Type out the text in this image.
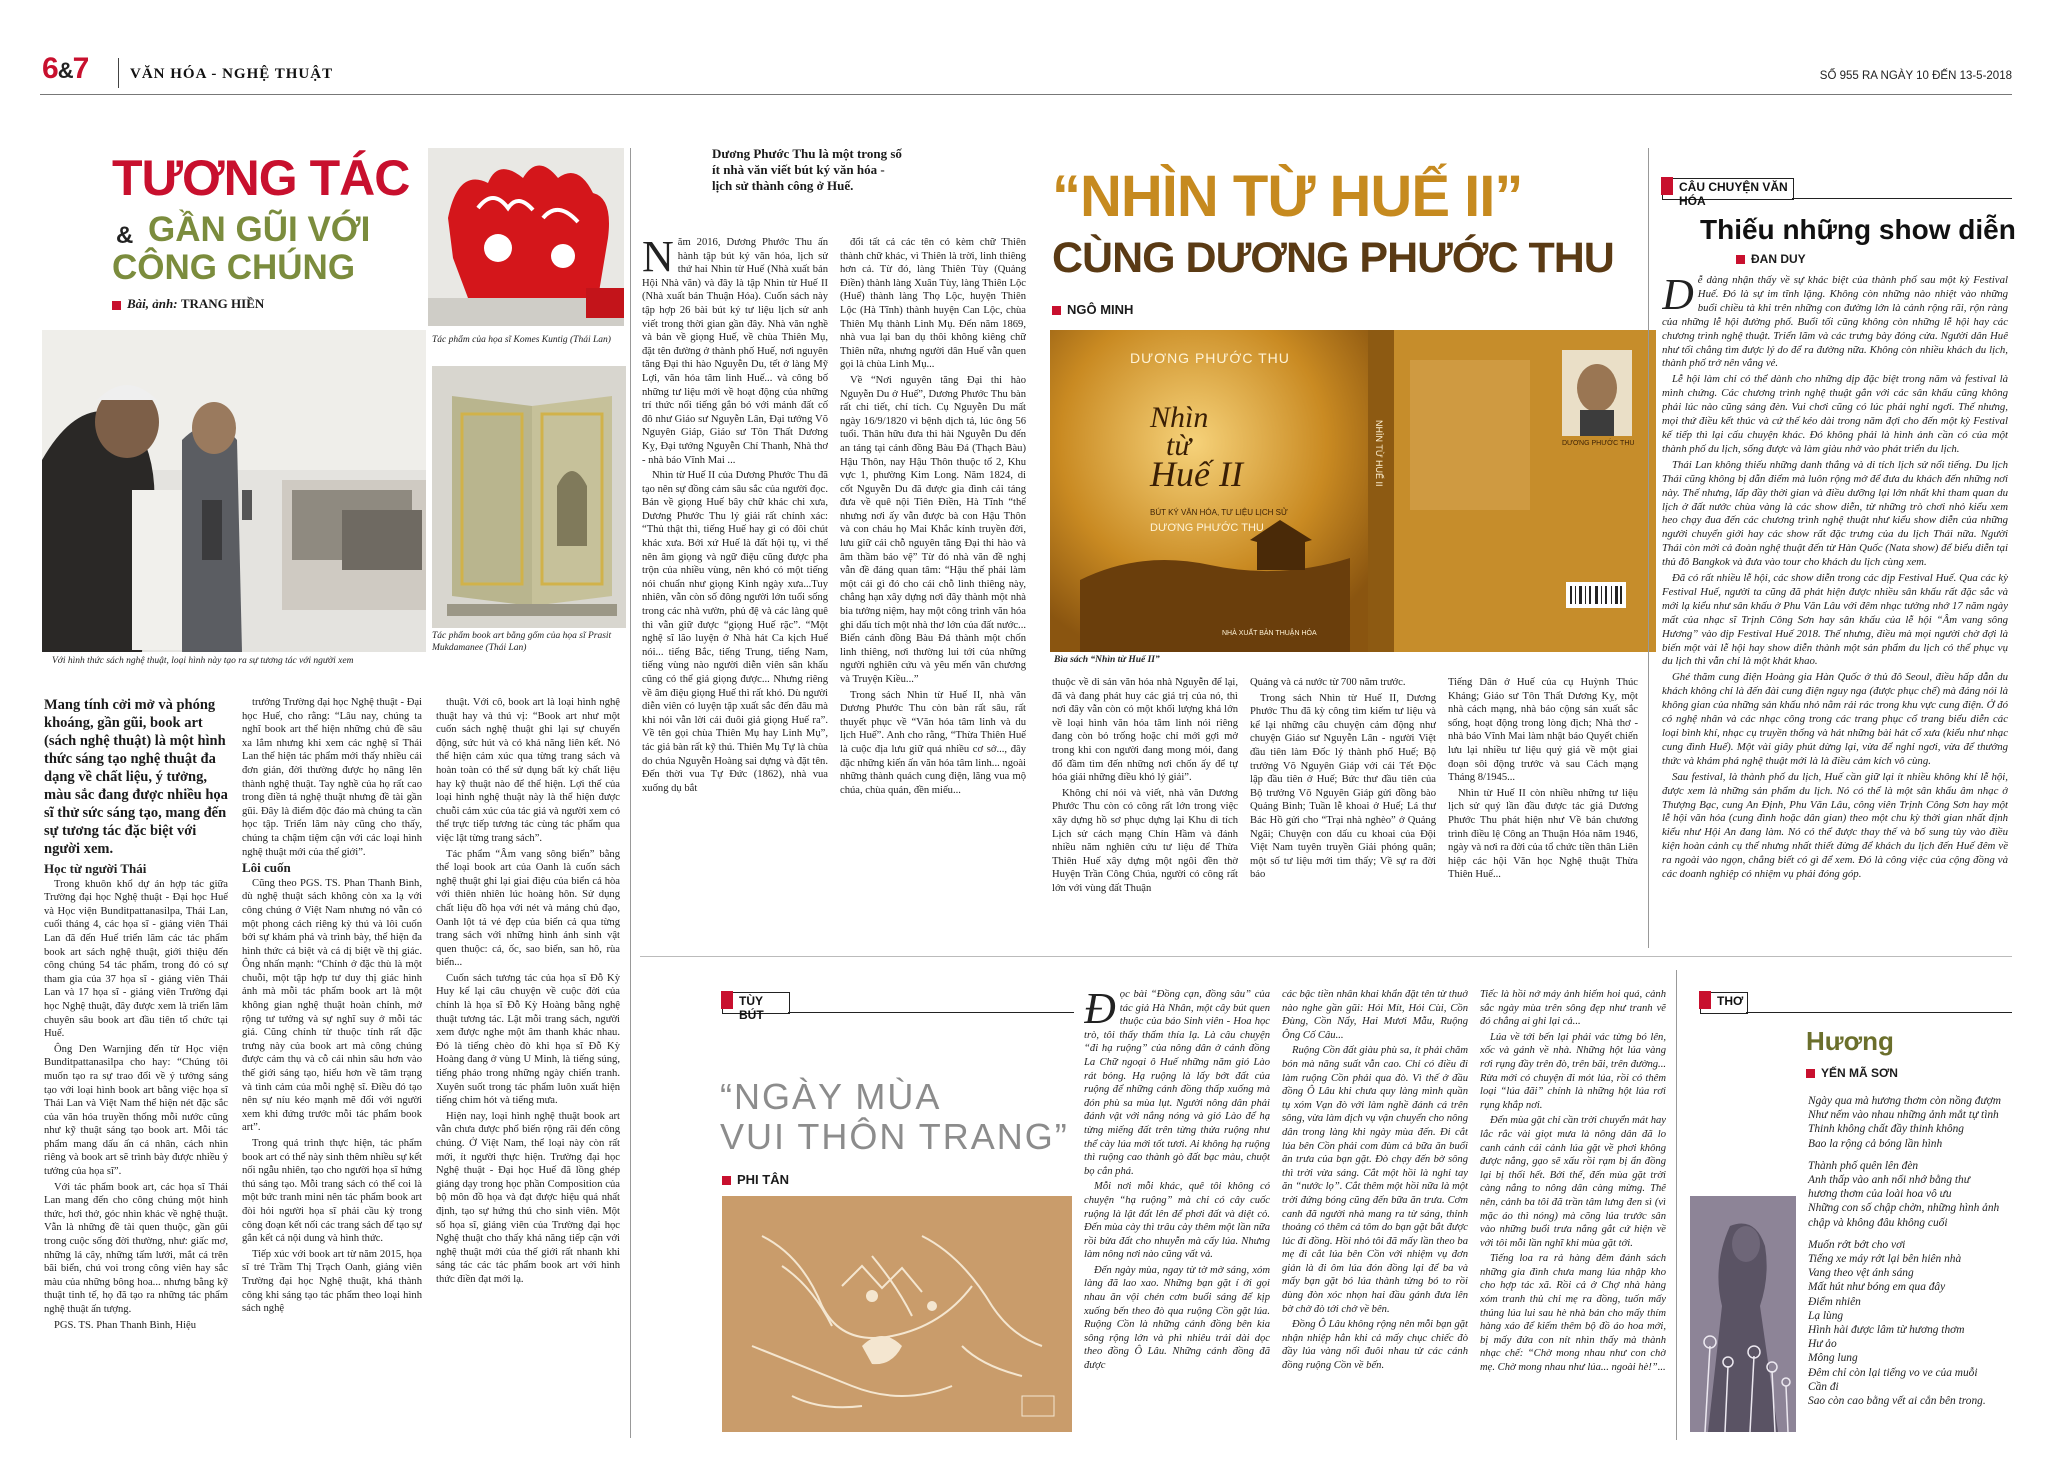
6&7	VĂN HÓA - NGHỆ THUẬT	SỐ 955 RA NGÀY 10 ĐẾN 13-5-2018
TƯƠNG TÁC
& GẦN GŨI VỚI
CÔNG CHÚNG
Bài, ảnh: TRANG HIỀN
Với hình thức sách nghệ thuật, loại hình này tạo ra sự tương tác với người xem
Tác phẩm của họa sĩ Komes Kuntig (Thái Lan)
Tác phẩm book art bằng gốm của họa sĩ Prasit Mukdamanee (Thái Lan)
Mang tính cởi mở và phóng khoáng, gần gũi, book art (sách nghệ thuật) là một hình thức sáng tạo nghệ thuật đa dạng về chất liệu, ý tưởng, màu sắc đang được nhiều họa sĩ thử sức sáng tạo, mang đến sự tương tác đặc biệt với người xem.

Học từ người Thái

Trong khuôn khổ dự án hợp tác giữa Trường đại học Nghệ thuật - Đại học Huế và Học viện Bunditpattanasilpa, Thái Lan, cuối tháng 4, các họa sĩ - giảng viên Thái Lan đã đến Huế triển lãm các tác phẩm book art sách nghệ thuật, giới thiệu đến công chúng 54 tác phẩm, trong đó có sự tham gia của 37 họa sĩ - giảng viên Thái Lan và 17 họa sĩ - giảng viên Trường đại học Nghệ thuật, đây được xem là triển lãm chuyên sâu book art đầu tiên tổ chức tại Huế.

Ông Den Warnjing đến từ Học viện Bunditpattanasilpa cho hay: “Chúng tôi muốn tạo ra sự trao đổi về ý tưởng sáng tạo với loại hình book art bằng việc họa sĩ Thái Lan và Việt Nam thể hiện nét đặc sắc của văn hóa truyền thống mỗi nước cũng như kỹ thuật sáng tạo book art. Mỗi tác phẩm mang dấu ấn cá nhân, cách nhìn riêng và book art sẽ trình bày được nhiều ý tưởng của họa sĩ”.

Với tác phẩm book art, các họa sĩ Thái Lan mang đến cho công chúng một hình thức, hơi thở, góc nhìn khác về nghệ thuật. Vẫn là những đề tài quen thuộc, gần gũi trong cuộc sống đời thường, như: giấc mơ, những lá cây, những tấm lưới, mắt cá trên bãi biển, chú voi trong công viên hay sắc màu của những bông hoa... nhưng bằng kỹ thuật tinh tế, họ đã tạo ra những tác phẩm nghệ thuật ấn tượng.

PGS. TS. Phan Thanh Bình, Hiệu

trưởng Trường đại học Nghệ thuật - Đại học Huế, cho rằng: “Lâu nay, chúng ta nghĩ book art thể hiện những chủ đề sâu xa lắm nhưng khi xem các nghệ sĩ Thái Lan thể hiện tác phẩm mới thấy nhiều cái đơn giản, đời thường được họ nâng lên thành nghệ thuật. Tay nghề của họ rất cao trong điền tả nghệ thuật nhưng đề tài gần gũi. Đây là điểm độc đáo mà chúng ta cần học tập. Triển lãm này cũng cho thấy, chúng ta chậm tiệm cận với các loại hình nghệ thuật mới của thế giới”.

Lôi cuốn

Cũng theo PGS. TS. Phan Thanh Bình, dù nghệ thuật sách không còn xa lạ với công chúng ở Việt Nam nhưng nó vẫn có một phong cách riêng kỳ thú và lôi cuốn bởi sự khám phá và trình bày, thể hiện đa hình thức cả biệt và cá dị biệt về thị giác. Ông nhấn mạnh: “Chính ở đặc thù là một chuỗi, một tập hợp tư duy thị giác hình ảnh mà mỗi tác phẩm book art là một không gian nghệ thuật hoàn chỉnh, mở rộng tư tưởng và sự nghĩ suy ở mỗi tác giả. Cũng chính từ thuộc tính rất đặc trưng này của book art mà công chúng được cảm thụ và cỗ cái nhìn sâu hơn vào thế giới sáng tạo, hiểu hơn về tâm trạng và tình cảm của mỗi nghệ sĩ. Điều đó tạo nên sự níu kéo mạnh mẽ đối với người xem khi đứng trước mỗi tác phẩm book art”.

Trong quá trình thực hiện, tác phẩm book art có thể này sinh thêm nhiều sự kết nối ngẫu nhiên, tạo cho người họa sĩ hứng thú sáng tạo. Mỗi trang sách có thể coi là một bức tranh mini nên tác phẩm book art đòi hỏi người họa sĩ phải cầu kỳ trong công đoạn kết nối các trang sách để tạo sự gắn kết cả nội dung và hình thức.

Tiếp xúc với book art từ năm 2015, họa sĩ trẻ Trầm Thị Trạch Oanh, giảng viên Trường đại học Nghệ thuật, khá thành công khi sáng tạo tác phẩm theo loại hình sách nghệ

thuật. Với cô, book art là loại hình nghệ thuật hay và thú vị: “Book art như một cuốn sách nghệ thuật ghi lại sự chuyển động, sức hút và có khả năng liên kết. Nó thể hiện cảm xúc qua từng trang sách và hoàn toàn có thể sử dụng bất kỳ chất liệu hay kỹ thuật nào để thể hiện. Lợi thế của loại hình nghệ thuật này là thể hiện được chuỗi cảm xúc của tác giả và người xem có thể trực tiếp tương tác cùng tác phẩm qua việc lật từng trang sách”.

Tác phẩm “Âm vang sông biển” bằng thể loại book art của Oanh là cuốn sách nghệ thuật ghi lại giai điệu của biển cả hòa với thiên nhiên lúc hoàng hôn. Sử dụng chất liệu đồ họa với nét và mảng chủ đạo, Oanh lột tả vẻ đẹp của biển cả qua từng trang sách với những hình ảnh sinh vật quen thuộc: cá, ốc, sao biển, san hô, rùa biển...

Cuốn sách tương tác của họa sĩ Đỗ Kỳ Huy kể lại câu chuyện về cuộc đời của chính là họa sĩ Đỗ Kỳ Hoàng bằng nghệ thuật tương tác. Lật mỗi trang sách, người xem được nghe một âm thanh khác nhau. Đó là tiếng chèo đò khi họa sĩ Đỗ Kỳ Hoàng đang ở vùng U Minh, là tiếng súng, tiếng pháo trong những ngày chiến tranh. Xuyên suốt trong tác phẩm luôn xuất hiện tiếng chim hót và tiếng mưa.

Hiện nay, loại hình nghệ thuật book art vẫn chưa được phổ biến rộng rãi đến công chúng. Ở Việt Nam, thể loại này còn rất mới, ít người thực hiện. Trường đại học Nghệ thuật - Đại học Huế đã lồng ghép giảng dạy trong học phần Composition của bộ môn đồ họa và đạt được hiệu quả nhất định, tạo sự hứng thú cho sinh viên. Một số họa sĩ, giảng viên của Trường đại học Nghệ thuật cho thấy khả năng tiếp cận với nghệ thuật mới của thế giới rất nhanh khi sáng tác các tác phẩm book art với hình thức điền đạt mới lạ.

Dương Phước Thu là một trong số ít nhà văn viết bút ký văn hóa - lịch sử thành công ở Huế.

Năm 2016, Dương Phước Thu ấn hành tập bút ký văn hóa, lịch sử thứ hai Nhìn từ Huế (Nhà xuất bản Hội Nhà văn) và đây là tập Nhìn từ Huế II (Nhà xuất bản Thuận Hóa). Cuốn sách này tập hợp 26 bài bút ký tư liệu lịch sử anh viết trong thời gian gần đây. Nhà văn nghề và bản về giọng Huế, về chùa Thiên Mụ, đặt tên đường ở thành phố Huế, nơi nguyên tăng Đại thi hào Nguyễn Du, tết ở làng Mỹ Lợi, văn hóa tâm linh Huế... và công bố những tư liệu mới về hoạt động của những trí thức nổi tiếng gắn bó với mảnh đất cố đô như Giáo sư Nguyễn Lân, Đại tướng Võ Nguyên Giáp, Giáo sư Tôn Thất Dương Kỵ, Đại tướng Nguyễn Chí Thanh, Nhà thơ - nhà báo Vĩnh Mai ...

Nhìn từ Huế II của Dương Phước Thu đã tạo nên sự đồng cảm sâu sắc của người đọc. Bản về giọng Huế bây chữ khác chi xưa, Dương Phước Thu lý giải rất chính xác: “Thủ thật thì, tiếng Huế hay gì có đôi chút khác xưa. Bởi xứ Huế là đất hội tụ, vì thế nên âm giọng và ngữ điệu cũng được pha trộn của nhiều vùng, nên khó có một tiếng nói chuẩn như giọng Kinh ngày xưa...Tuy nhiên, vẫn còn số đông người lớn tuổi sống trong các nhà vườn, phủ đệ và các làng quê thì vẫn giữ được “giọng Huế rặc”. “Một nghệ sĩ lão luyện ở Nhà hát Ca kịch Huế nói... tiếng Bắc, tiếng Trung, tiếng Nam, tiếng vùng nào người diễn viên sân khấu cũng có thể giả giọng được... Nhưng riêng về âm điệu giọng Huế thì rất khó. Dù người diễn viên có luyện tập xuất sắc đến đâu mà khi nói vẫn lời cái đuôi giả giọng Huế ra”. Về tên gọi chùa Thiên Mụ hay Linh Mụ”, tác giả bàn rất kỹ thú. Thiên Mụ Tự là chùa do chúa Nguyễn Hoàng sai dựng và đặt tên. Đến thời vua Tự Đức (1862), nhà vua xuống dụ bắt

đổi tất cả các tên có kèm chữ Thiên thành chữ khác, vì Thiên là trời, linh thiêng hơn cả. Từ đó, làng Thiên Tùy (Quảng Điền) thành làng Xuân Tùy, làng Thiên Lộc (Huế) thành làng Thọ Lộc, huyện Thiên Lộc (Hà Tĩnh) thành huyện Can Lộc, chùa Thiên Mụ thành Linh Mụ. Đến năm 1869, nhà vua lại ban dụ thôi không kiêng chữ Thiên nữa, nhưng người dân Huế vẫn quen gọi là chùa Linh Mụ...

Về “Nơi nguyên tăng Đại thi hào Nguyễn Du ở Huế”, Dương Phước Thu bàn rất chi tiết, chỉ tích. Cụ Nguyễn Du mất ngày 16/9/1820 vì bệnh dịch tả, lúc ông 56 tuổi. Thân hữu đưa thi hài Nguyễn Du đến an táng tại cánh đồng Bàu Đá (Thạch Bàu) Hậu Thôn, nay Hậu Thôn thuộc tổ 2, Khu vực 1, phường Kim Long. Năm 1824, di cốt Nguyễn Du đã được gia đình cải táng đưa về quê nội Tiên Điền, Hà Tĩnh “thế nhưng nơi ấy vẫn được bà con Hậu Thôn và con cháu họ Mai Khắc kính truyền đời, lưu giữ cái chỗ nguyên tăng Đại thi hào và âm thầm bảo vệ” Từ đó nhà văn đề nghị vẫn đề đáng quan tâm: “Hậu thế phải làm một cái gì đó cho cái chỗ linh thiêng này, chẳng hạn xây dựng nơi đây thành một nhà bia tưởng niệm, hay một công trình văn hóa ghi dấu tích một nhà thơ lớn của đất nước... Biển cánh đồng Bàu Đá thành một chốn linh thiêng, nơi thường lui tới của những người nghiên cứu và yêu mến văn chương và Truyện Kiều...”

Trong sách Nhìn từ Huế II, nhà văn Dương Phước Thu còn bàn rất sâu, rất thuyết phục về “Văn hóa tâm linh và du lịch Huế”. Anh cho rằng, “Thừa Thiên Huế là cuộc địa lưu giữ quá nhiều cơ sở..., đây đặc những kiến ấn văn hóa tâm linh... ngoài những thành quách cung điện, lăng vua mộ chúa, chùa quán, đền miếu...

“NHÌN TỪ HUẾ II”
CÙNG DƯƠNG PHƯỚC THU
NGÔ MINH
DƯƠNG PHƯỚC THU
Nhìn
từ
Huế II
BÚT KÝ VĂN HÓA, TƯ LIỆU LỊCH SỬ
DƯƠNG PHƯỚC THU
NHÌN TỪ HUẾ II
NHÀ XUẤT BẢN THUẬN HÓA
DƯƠNG PHƯỚC THU
Bìa sách “Nhìn từ Huế II”

thuộc về di sản văn hóa nhà Nguyễn để lại, đã và đang phát huy các giá trị của nó, thì nơi đây vẫn còn có một khối lượng khá lớn về loại hình văn hóa tâm linh nói riêng đang còn bỏ trống hoặc chỉ mới gợi mở trong khi con người đang mong mỏi, đang đổ đầm tìm đến những nơi chốn ấy để tự hóa giải những điều khó lý giải”.

Không chỉ nói và viết, nhà văn Dương Phước Thu còn có công rất lớn trong việc xây dựng hồ sơ phục dựng lại Khu di tích Lịch sử cách mạng Chín Hầm và đánh nhiều năm nghiên cứu tư liệu để Thừa Thiên Huế xây dựng một ngôi đền thờ Huyện Trần Công Chúa, người có công rất lớn với vùng đất Thuận

Quảng và cả nước từ 700 năm trước.

Trong sách Nhìn từ Huế II, Dương Phước Thu đã kỳ công tìm kiếm tư liệu và kể lại những câu chuyện cảm động như chuyện Giáo sư Nguyễn Lân - người Việt đầu tiên làm Đốc lý thành phố Huế; Bộ trưởng Võ Nguyên Giáp với cái Tết Độc lập đầu tiên ở Huế; Bức thư đầu tiên của Bộ trưởng Võ Nguyên Giáp gửi đồng bào Quảng Bình; Tuần lễ khoai ở Huế; Lá thư Bác Hồ gửi cho “Trại nhà nghèo” ở Quảng Ngãi; Chuyện con dấu cu khoai của Đội Việt Nam tuyên truyền Giải phóng quân; một số tư liệu mới tìm thấy; Về sự ra đời báo

Tiếng Dân ở Huế của cụ Huỳnh Thúc Kháng; Giáo sư Tôn Thất Dương Kỵ, một nhà cách mạng, nhà báo cộng sản xuất sắc sống, hoạt động trong lòng địch; Nhà thơ - nhà báo Vĩnh Mai làm nhật báo Quyết chiến lưu lại nhiều tư liệu quý giá về một giai đoạn sôi động trước và sau Cách mạng Tháng 8/1945...

Nhìn từ Huế II còn nhiều những tư liệu lịch sử quý lần đầu được tác giả Dương Phước Thu phát hiện như Về bản chương trình điều lệ Công an Thuận Hóa năm 1946, ngày và nơi ra đời của tổ chức tiền thân Liên hiệp các hội Văn học Nghệ thuật Thừa Thiên Huế...

CÂU CHUYỆN VĂN HÓA
Thiếu những show diễn
ĐAN DUY

Dễ dàng nhận thấy về sự khác biệt của thành phố sau một kỳ Festival Huế. Đó là sự im tĩnh lặng. Không còn những nào nhiệt vào những buổi chiều tà khi trên những con đường lớn là cảnh rộng rãi, rộn ràng của những lễ hội đường phố. Buổi tối cũng không còn những lễ hội hay các chương trình nghệ thuật. Triển lãm và các trưng bày đóng cửa. Người dân Huế như tối chẳng tìm được lý do để ra đường nữa. Không còn nhiều khách du lịch, thành phố trở nên vắng vẻ.

Lễ hội làm chỉ có thể dành cho những dịp đặc biệt trong năm và festival là mình chứng. Các chương trình nghệ thuật gắn với các sân khấu cũng không phải lúc nào cũng sáng đèn. Vui chơi cũng có lúc phải nghỉ ngơi. Thế nhưng, mọi thứ điều kết thúc và cứ thế kéo dài trong năm đợi cho đến một kỳ Festival kế tiếp thì lại cấu chuyện khác. Đó không phải là hình ảnh cần có của một thành phố du lịch, sống được và làm giàu nhờ vào phát triển du lịch.

Thái Lan không thiếu những danh thắng và di tích lịch sử nổi tiếng. Du lịch Thái cũng không bị dẫn điểm mà luôn rộng mở để đưa du khách đến những nơi này. Thế nhưng, lấp đầy thời gian và điều dưỡng lại lớn nhất khi tham quan du lịch ở đất nước chùa vàng là các show diễn, từ những trò chơi nhỏ kiểu xem heo chạy đua đến các chương trình nghệ thuật như kiểu show diễn của những người chuyển giới hay các show rất đặc trưng của du lịch Thái nữa. Người Thái còn mời cả đoàn nghệ thuật đến từ Hàn Quốc (Nata show) để biểu diễn tại thủ đô Bangkok và đưa vào tour cho khách du lịch cùng xem.

Đã có rất nhiều lễ hội, các show diễn trong các dịp Festival Huế. Qua các kỳ Festival Huế, người ta cũng đã phát hiện được nhiều sân khấu rất đặc sắc và mới lạ kiểu như sân khấu ở Phu Văn Lâu với đêm nhạc tưởng nhớ 17 năm ngày mất của nhạc sĩ Trịnh Công Sơn hay sân khấu của lễ hội “Âm vang sông Hương” vào dịp Festival Huế 2018. Thế nhưng, điều mà mọi người chờ đợi là biến một vài lễ hội hay show diễn thành một sản phẩm du lịch có thể phục vụ du lịch thì vẫn chỉ là một khát khao.

Ghé thăm cung điện Hoàng gia Hàn Quốc ở thủ đô Seoul, điều hấp dẫn du khách không chỉ là đến đài cung điện nguy nga (được phục chế) mà đáng nói là không gian của những sản khấu nhỏ nằm rải rác trong khu vực cung điện. Ở đó có nghệ nhân và các nhạc công trong các trang phục cổ trang biểu diễn các loại bình khí, nhạc cụ truyền thống và hát những bài hát cổ xưa (kiểu như nhạc cung đình Huế). Một vài giây phút dừng lại, vừa để nghỉ ngơi, vừa để thưởng thức và khám phá nghệ thuật mới là là điều cảm kích vô cùng.

Sau festival, là thành phố du lịch, Huế cần giữ lại ít nhiều không khí lễ hội, được xem là những sản phẩm du lịch. Nó có thể là một sân khấu âm nhạc ở Thượng Bạc, cung An Định, Phu Văn Lâu, công viên Trịnh Công Sơn hay một lễ hội văn hóa (cung đình hoặc dân gian) theo một chu kỳ thời gian nhất định kiểu như Hội An đang làm. Nó có thể được thay thế và bố sung tùy vào điều kiện hoàn cảnh cụ thể nhưng nhất thiết đừng để khách du lịch đến Huế đêm về ra ngoài vào ngọn, chẳng biết có gì để xem. Đó là công việc của cộng đồng và các doanh nghiệp có nhiệm vụ phải đóng góp.

TÙY BÚT
“NGÀY MÙA
VUI THÔN TRANG”
PHI TÂN

Đọc bài “Đồng cạn, đồng sâu” của tác giả Hà Nhân, một cây bút quen thuộc của báo Sinh viên - Hoa học trò, tôi thấy thấm thía lạ. Là câu chuyện “đi hạ ruộng” của nông dân ở cánh đồng La Chữ ngoại ô Huế những năm gió Lào rát bỏng. Hạ ruộng là lấy bớt đất của ruộng để những cánh đồng thấp xuống mà đón phù sa mùa lụt. Người nông dân phải đánh vật với nắng nóng và gió Lào để hạ từng miếng đất trên từng thửa ruộng như thể cày lúa mới tốt tươi. Ai không hạ ruộng thì ruộng cao thành gò đất bạc màu, chuột bọ cắn phá.

Mỗi nơi mỗi khác, quê tôi không có chuyện “hạ ruộng” mà chỉ có cây cuốc ruộng là lật đất lên để phơi đất và diệt cỏ. Đến mùa cày thì trâu cày thêm một lần nữa rồi bừa đất cho nhuyễn mà cấy lúa. Nhưng làm nông nơi nào cũng vất vả.

Đến ngày mùa, ngay từ tờ mờ sáng, xóm làng đã lao xao. Những bạn gặt í ới gọi nhau ăn vội chén cơm buổi sáng để kịp xuống bến theo đò qua ruộng Cồn gặt lúa. Ruộng Cồn là những cánh đồng bên kia sông rộng lớn và phì nhiêu trải dài dọc theo đồng Ô Lâu. Những cánh đồng đã được

các bậc tiền nhân khai khẩn đặt tên từ thuở nào nghe gần gũi: Hói Mít, Hói Cùi, Cồn Đùng, Cồn Nẩy, Hai Mươi Mẫu, Ruộng Ông Cố Câu...

Ruộng Cồn đất giàu phù sa, ít phải chăm bón mà năng suất vẫn cao. Chỉ có điều đi làm ruộng Cồn phải qua đò. Vì thế ở đầu đồng Ô Lâu khi chưa quy làng mình quần tụ xóm Vạn đò với làm nghề đánh cá trên sông, vừa làm dịch vụ vận chuyển cho nông dân trong làng khi ngày mùa đến. Đi cắt lúa bên Cồn phải com đùm cả bữa ăn buổi ăn trưa của bạn gặt. Đò chạy đến bờ sông thì trời vừa sáng. Cắt một hồi là nghỉ tay ăn “nước lọ”. Cắt thêm một hồi nữa là một trời đứng bóng cũng đến bữa ăn trưa. Cơm canh đã người nhà mang ra từ sáng, thỉnh thoảng có thêm cá tôm do bạn gặt bắt được lúc đi đồng. Hồi nhỏ tôi đã mấy lần theo ba mẹ đi cắt lúa bên Cồn với nhiệm vụ đơn giản là đi ôm lúa đón đồng lại để ba và mấy bạn gặt bó lúa thành từng bó to rồi dùng đòn xóc nhọn hai đầu gánh đưa lên bờ chờ đò tới chở về bên.

Đồng Ô Lâu không rộng nên mỗi bạn gặt nhận nhiệp hẳn khi cả mấy chục chiếc đò đầy lúa vàng nối đuôi nhau từ các cánh đồng ruộng Cồn về bến.

Tiếc là hồi nớ máy ảnh hiếm hoi quá, cảnh sắc ngày mùa trên sông đẹp như tranh vẽ đó chẳng ai ghi lại cả...

Lúa về tới bến lại phải vác từng bó lên, xốc và gánh về nhà. Những hột lúa vàng rơi rụng đầy trên đò, trên bãi, trên đường... Rừa mới có chuyện đi mót lúa, rồi có thêm loại “lúa đãi” chính là những hột lúa rơi rụng khắp nơi.

Đến mùa gặt chỉ cần trời chuyển mát hay lắc rắc vài giọt mưa là nông dân đã lo canh cánh cái cảnh lúa gặt về phơi không được nắng, gạo sẽ xấu rồi rạm bị ẩn đồng lại bị thối hết. Bởi thế, đến mùa gặt trời càng nắng to nông dân càng mừng. Thế nên, cảnh ba tôi đã trần tâm lưng đen sì (vì mặc áo thì nóng) mà cõng lúa trước sân vào những buổi trưa nắng gắt cứ hiện về với tôi mỗi lần nghĩ khi mùa gặt tới.

Tiếng loa ra rả hàng đêm đánh sách những gia đình chưa mang lúa nhập kho cho hợp tác xã. Rồi cả ở Chợ nhà hàng xóm tranh thủ chỉ mẹ ra đồng, tuốn mấy thúng lúa lui sau hè nhà bán cho mấy thím hàng xáo để kiếm thêm bộ đồ áo hoa mới, bị mấy đứa con nít nhìn thấy mà thành nhạc chế: “Chờ mong nhau như con chờ mẹ. Chờ mong nhau như lúa... ngoài hè!”...

THƠ
Hương
YẾN MÃ SƠN
Ngày qua mà hương thơm còn nồng đượm
Như nếm vào nhau những ảnh mắt tự tình
Thinh không chất đầy thinh không
Bao la rộng cả bóng lần hình
Thành phố quên lên đèn
Anh thấp vào anh nổi nhớ bằng thư
hương thơm của loài hoa vô ưu
Những con số chập chờn, những hình ảnh
chập và không đâu không cuối
Muốn rớt bớt cho vơi
Tiếng xe máy rớt lại bên hiên nhà
Vang theo vệt ánh sáng
Mất hút như bóng em qua đây
Điểm nhiên
Lạ lùng
Hình hài được lâm từ hương thơm
Hư ảo
Mông lung
Đêm chỉ còn lại tiếng vo ve của muỗi
Cần đi
Sao còn cao bằng vết ai cắn bên trong.
